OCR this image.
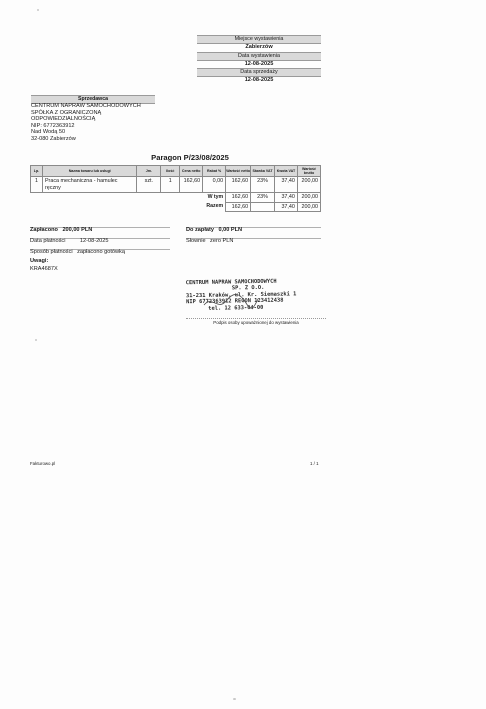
Miejsce wystawienia
Zabierzów
Data wystawienia
12-08-2025
Data sprzedaży
12-08-2025
Sprzedawca
CENTRUM NAPRAW SAMOCHODOWYCH
SPÓŁKA Z OGRANICZONĄ
ODPOWIEDZIALNOŚCIĄ
NIP: 6772363912
Nad Wodą 50
32-080 Zabierzów
Paragon P/23/08/2025
Lp.	Nazwa towaru lub usługi	Jm.	Ilość	Cena netto	Rabat %	Wartość netto	Stawka VAT	Kwota VAT	Wartość brutto
1	Praca mechaniczna - hamulec
ręczny	szt.	1	162,60	0,00	162,60	23%	37,40	200,00
					W tym	162,60	23%	37,40	200,00
					Razem	162,60		37,40	200,00
Zapłacono 200,00 PLN
Data płatności	12-08-2025
Sposób płatności zapłacono gotówką
Do zapłaty 0,00 PLN
Słownie zero PLN
Uwagi:
KRA4687X
CENTRUM NAPRAW SAMOCHODOWYCH
SP. Z O.O.
31-231 Kraków, ul. Kr. Siemaszki 1
NIP 6772363912 REGON 123412438
tel. 12 633-04-00
Podpis osoby upoważnionej do wystawienia
Fakturowo.pl	1 / 1
